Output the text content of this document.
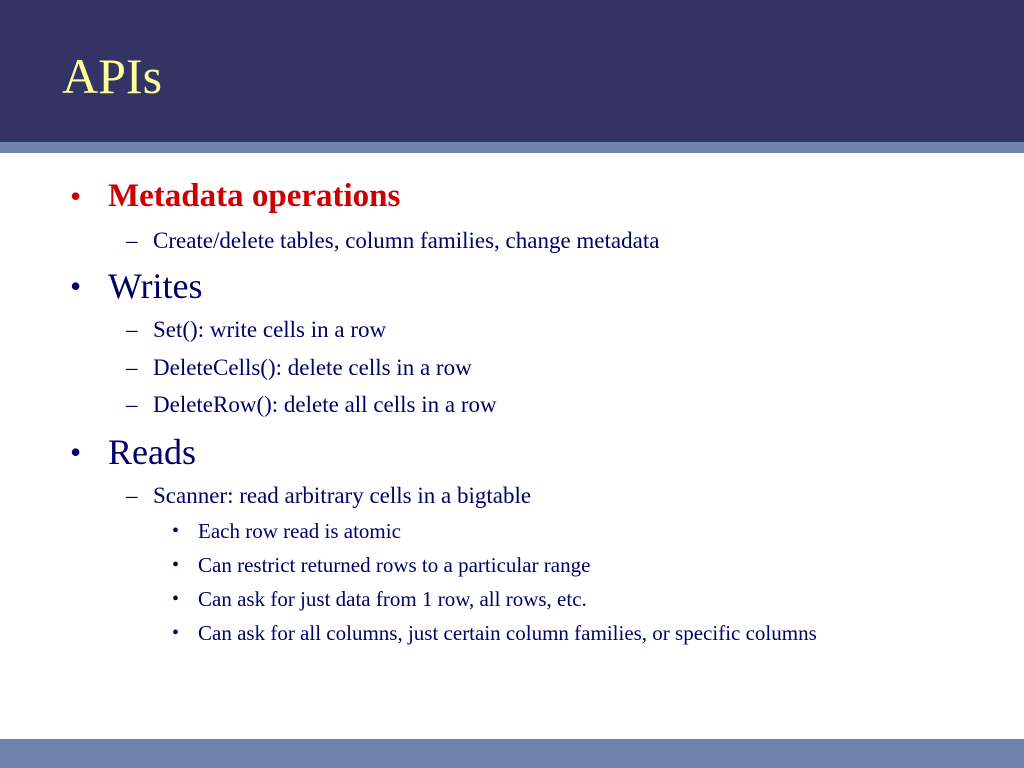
APIs
• Metadata operations
– Create/delete tables, column families, change metadata
• Writes
– Set(): write cells in a row
– DeleteCells(): delete cells in a row
– DeleteRow(): delete all cells in a row
• Reads
– Scanner: read arbitrary cells in a bigtable
• Each row read is atomic
• Can restrict returned rows to a particular range
• Can ask for just data from 1 row, all rows, etc.
• Can ask for all columns, just certain column families, or specific columns
